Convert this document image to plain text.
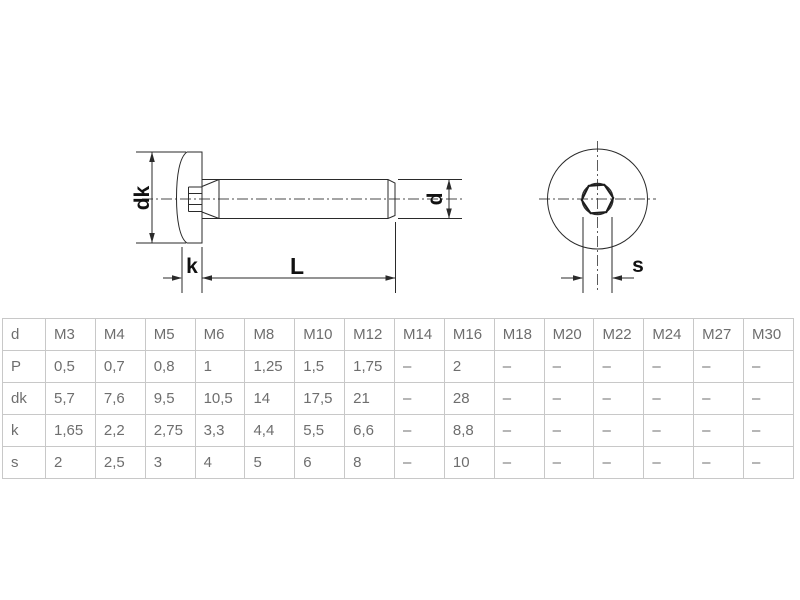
dk
k	L
d
s
d	M3	M4	M5	M6	M8	M10	M12	M14	M16	M18	M20	M22	M24	M27	M30
P	0,5	0,7	0,8	1	1,25	1,5	1,75	–	2	–	–	–	–	–	–
dk	5,7	7,6	9,5	10,5	14	17,5	21	–	28	–	–	–	–	–	–
k	1,65	2,2	2,75	3,3	4,4	5,5	6,6	–	8,8	–	–	–	–	–	–
s	2	2,5	3	4	5	6	8	–	10	–	–	–	–	–	–
